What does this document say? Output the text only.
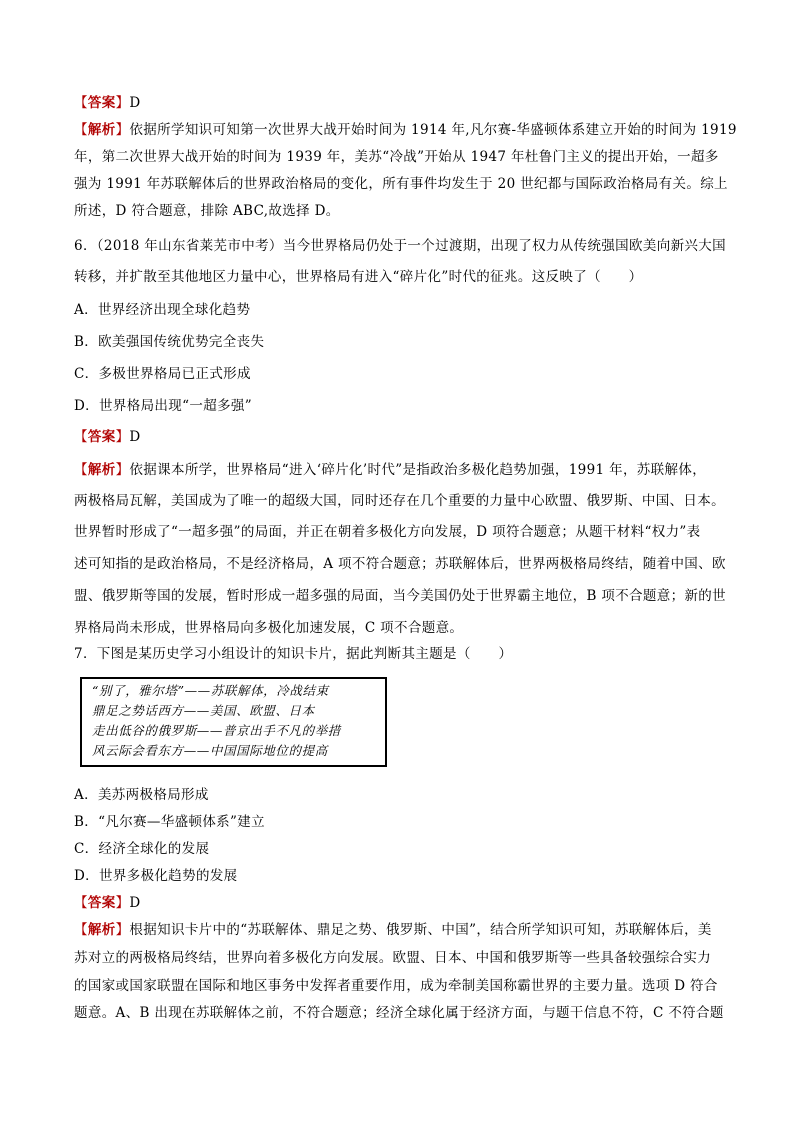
【答案】D
【解析】依据所学知识可知第一次世界大战开始时间为 1914 年,凡尔赛-华盛顿体系建立开始的时间为 1919
年，第二次世界大战开始的时间为 1939 年，美苏“冷战”开始从 1947 年杜鲁门主义的提出开始，一超多
强为 1991 年苏联解体后的世界政治格局的变化，所有事件均发生于 20 世纪都与国际政治格局有关。综上
所述，D 符合题意，排除 ABC,故选择 D。
6．（2018 年山东省莱芜市中考）当今世界格局仍处于一个过渡期，出现了权力从传统强国欧美向新兴大国
转移，并扩散至其他地区力量中心，世界格局有进入“碎片化”时代的征兆。这反映了（　　）
A．世界经济出现全球化趋势
B．欧美强国传统优势完全丧失
C．多极世界格局已正式形成
D．世界格局出现“一超多强”
【答案】D
【解析】依据课本所学，世界格局“进入‘碎片化’时代”是指政治多极化趋势加强，1991 年，苏联解体，
两极格局瓦解，美国成为了唯一的超级大国，同时还存在几个重要的力量中心欧盟、俄罗斯、中国、日本。
世界暂时形成了“一超多强”的局面，并正在朝着多极化方向发展，D 项符合题意；从题干材料“权力”表
述可知指的是政治格局，不是经济格局，A 项不符合题意；苏联解体后，世界两极格局终结，随着中国、欧
盟、俄罗斯等国的发展，暂时形成一超多强的局面，当今美国仍处于世界霸主地位，B 项不合题意；新的世
界格局尚未形成，世界格局向多极化加速发展，C 项不合题意。
7．下图是某历史学习小组设计的知识卡片，据此判断其主题是（　　）
“别了，雅尔塔”——苏联解体，冷战结束
鼎足之势话西方——美国、欧盟、日本
走出低谷的俄罗斯——普京出手不凡的举措
风云际会看东方——中国国际地位的提高
A．美苏两极格局形成
B．“凡尔赛—华盛顿体系”建立
C．经济全球化的发展
D．世界多极化趋势的发展
【答案】D
【解析】根据知识卡片中的“苏联解体、鼎足之势、俄罗斯、中国”，结合所学知识可知，苏联解体后，美
苏对立的两极格局终结，世界向着多极化方向发展。欧盟、日本、中国和俄罗斯等一些具备较强综合实力
的国家或国家联盟在国际和地区事务中发挥者重要作用，成为牵制美国称霸世界的主要力量。选项 D 符合
题意。A、B 出现在苏联解体之前，不符合题意；经济全球化属于经济方面，与题干信息不符，C 不符合题
